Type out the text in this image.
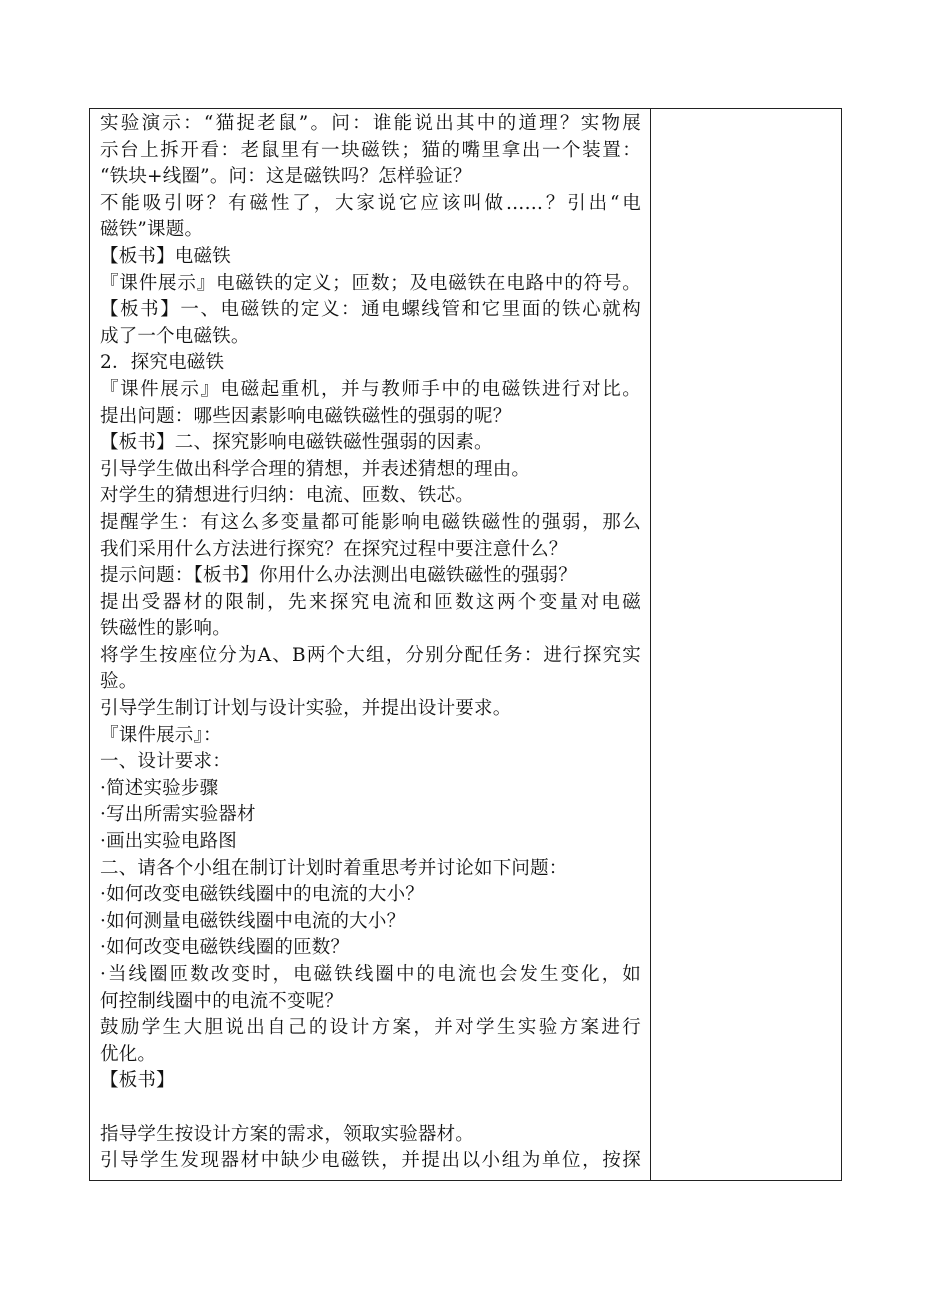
实验演示：“猫捉老鼠”。问：谁能说出其中的道理？实物展
示台上拆开看：老鼠里有一块磁铁；猫的嘴里拿出一个装置：
“铁块+线圈”。问：这是磁铁吗？怎样验证？
不能吸引呀？有磁性了，大家说它应该叫做……？引出“电
磁铁”课题。
【板书】电磁铁
『课件展示』电磁铁的定义；匝数；及电磁铁在电路中的符号。
【板书】一、电磁铁的定义：通电螺线管和它里面的铁心就构
成了一个电磁铁。
2．探究电磁铁
『课件展示』电磁起重机，并与教师手中的电磁铁进行对比。
提出问题：哪些因素影响电磁铁磁性的强弱的呢？
【板书】二、探究影响电磁铁磁性强弱的因素。
引导学生做出科学合理的猜想，并表述猜想的理由。
对学生的猜想进行归纳：电流、匝数、铁芯。
提醒学生：有这么多变量都可能影响电磁铁磁性的强弱，那么
我们采用什么方法进行探究？在探究过程中要注意什么？
提示问题：【板书】你用什么办法测出电磁铁磁性的强弱？
提出受器材的限制，先来探究电流和匝数这两个变量对电磁
铁磁性的影响。
将学生按座位分为A、B两个大组，分别分配任务：进行探究实
验。
引导学生制订计划与设计实验，并提出设计要求。
『课件展示』：
一、设计要求：
·简述实验步骤
·写出所需实验器材
·画出实验电路图
二、请各个小组在制订计划时着重思考并讨论如下问题：
·如何改变电磁铁线圈中的电流的大小？
·如何测量电磁铁线圈中电流的大小？
·如何改变电磁铁线圈的匝数？
·当线圈匝数改变时，电磁铁线圈中的电流也会发生变化，如
何控制线圈中的电流不变呢？
鼓励学生大胆说出自己的设计方案，并对学生实验方案进行
优化。
【板书】
指导学生按设计方案的需求，领取实验器材。
引导学生发现器材中缺少电磁铁，并提出以小组为单位，按探
